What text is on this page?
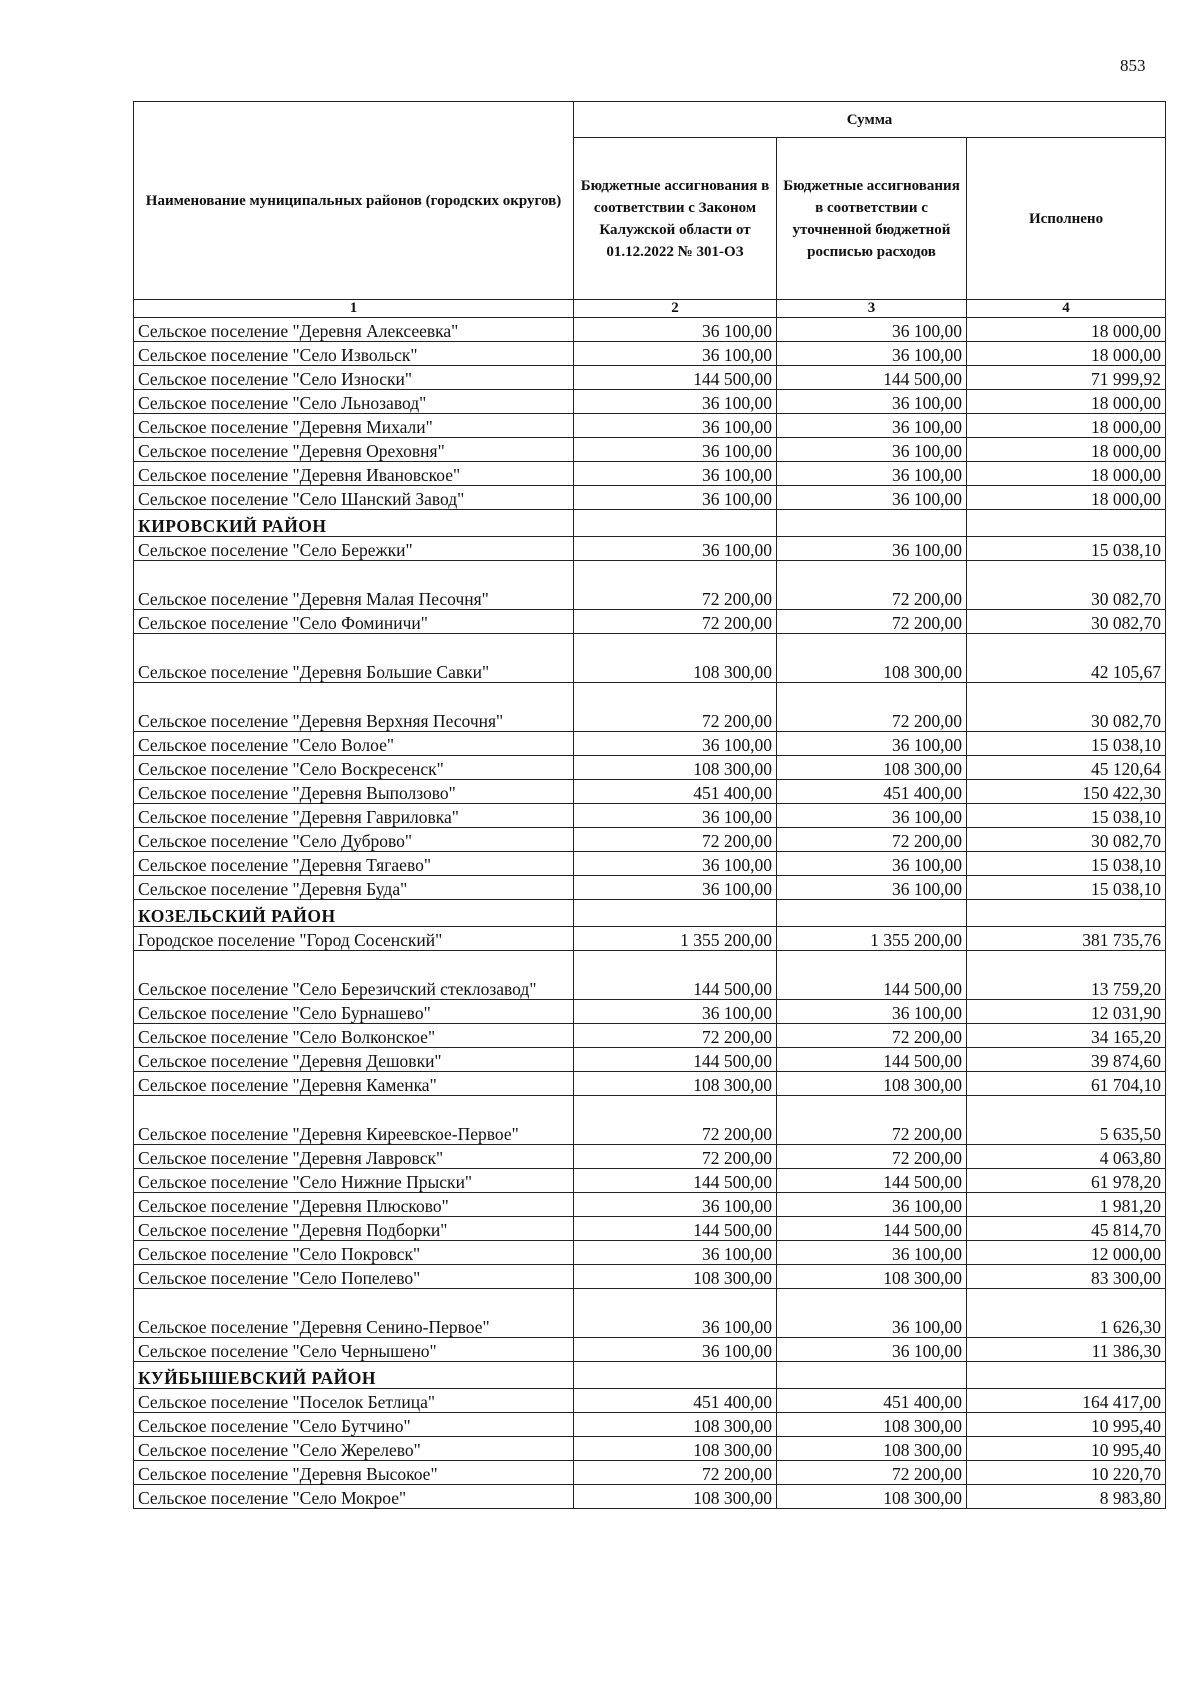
853
Наименование муниципальных районов (городских округов)	Сумма		
	Бюджетные ассигнования в соответствии с Законом Калужской области от 01.12.2022 № 301-ОЗ	Бюджетные ассигнования в соответствии с уточненной бюджетной росписью расходов	Исполнено
1	2	3	4
Сельское поселение "Деревня Алексеевка"	36 100,00	36 100,00	18 000,00
Сельское поселение "Село Извольск"	36 100,00	36 100,00	18 000,00
Сельское поселение "Село Износки"	144 500,00	144 500,00	71 999,92
Сельское поселение "Село Льнозавод"	36 100,00	36 100,00	18 000,00
Сельское поселение "Деревня Михали"	36 100,00	36 100,00	18 000,00
Сельское поселение "Деревня Ореховня"	36 100,00	36 100,00	18 000,00
Сельское поселение "Деревня Ивановское"	36 100,00	36 100,00	18 000,00
Сельское поселение "Село Шанский Завод"	36 100,00	36 100,00	18 000,00
КИРОВСКИЙ РАЙОН			
Сельское поселение "Село Бережки"	36 100,00	36 100,00	15 038,10
Сельское поселение "Деревня Малая Песочня"	72 200,00	72 200,00	30 082,70
Сельское поселение "Село Фоминичи"	72 200,00	72 200,00	30 082,70
Сельское поселение "Деревня Большие Савки"	108 300,00	108 300,00	42 105,67
Сельское поселение "Деревня Верхняя Песочня"	72 200,00	72 200,00	30 082,70
Сельское поселение "Село Волое"	36 100,00	36 100,00	15 038,10
Сельское поселение "Село Воскресенск"	108 300,00	108 300,00	45 120,64
Сельское поселение "Деревня Выползово"	451 400,00	451 400,00	150 422,30
Сельское поселение "Деревня Гавриловка"	36 100,00	36 100,00	15 038,10
Сельское поселение "Село Дуброво"	72 200,00	72 200,00	30 082,70
Сельское поселение "Деревня Тягаево"	36 100,00	36 100,00	15 038,10
Сельское поселение "Деревня Буда"	36 100,00	36 100,00	15 038,10
КОЗЕЛЬСКИЙ РАЙОН			
Городское поселение "Город Сосенский"	1 355 200,00	1 355 200,00	381 735,76
Сельское поселение "Село Березичский стеклозавод"	144 500,00	144 500,00	13 759,20
Сельское поселение "Село Бурнашево"	36 100,00	36 100,00	12 031,90
Сельское поселение "Село Волконское"	72 200,00	72 200,00	34 165,20
Сельское поселение "Деревня Дешовки"	144 500,00	144 500,00	39 874,60
Сельское поселение "Деревня Каменка"	108 300,00	108 300,00	61 704,10
Сельское поселение "Деревня Киреевское-Первое"	72 200,00	72 200,00	5 635,50
Сельское поселение "Деревня Лавровск"	72 200,00	72 200,00	4 063,80
Сельское поселение "Село Нижние Прыски"	144 500,00	144 500,00	61 978,20
Сельское поселение "Деревня Плюсково"	36 100,00	36 100,00	1 981,20
Сельское поселение "Деревня Подборки"	144 500,00	144 500,00	45 814,70
Сельское поселение "Село Покровск"	36 100,00	36 100,00	12 000,00
Сельское поселение "Село Попелево"	108 300,00	108 300,00	83 300,00
Сельское поселение "Деревня Сенино-Первое"	36 100,00	36 100,00	1 626,30
Сельское поселение "Село Чернышено"	36 100,00	36 100,00	11 386,30
КУЙБЫШЕВСКИЙ РАЙОН			
Сельское поселение "Поселок Бетлица"	451 400,00	451 400,00	164 417,00
Сельское поселение "Село Бутчино"	108 300,00	108 300,00	10 995,40
Сельское поселение "Село Жерелево"	108 300,00	108 300,00	10 995,40
Сельское поселение "Деревня Высокое"	72 200,00	72 200,00	10 220,70
Сельское поселение "Село Мокрое"	108 300,00	108 300,00	8 983,80
